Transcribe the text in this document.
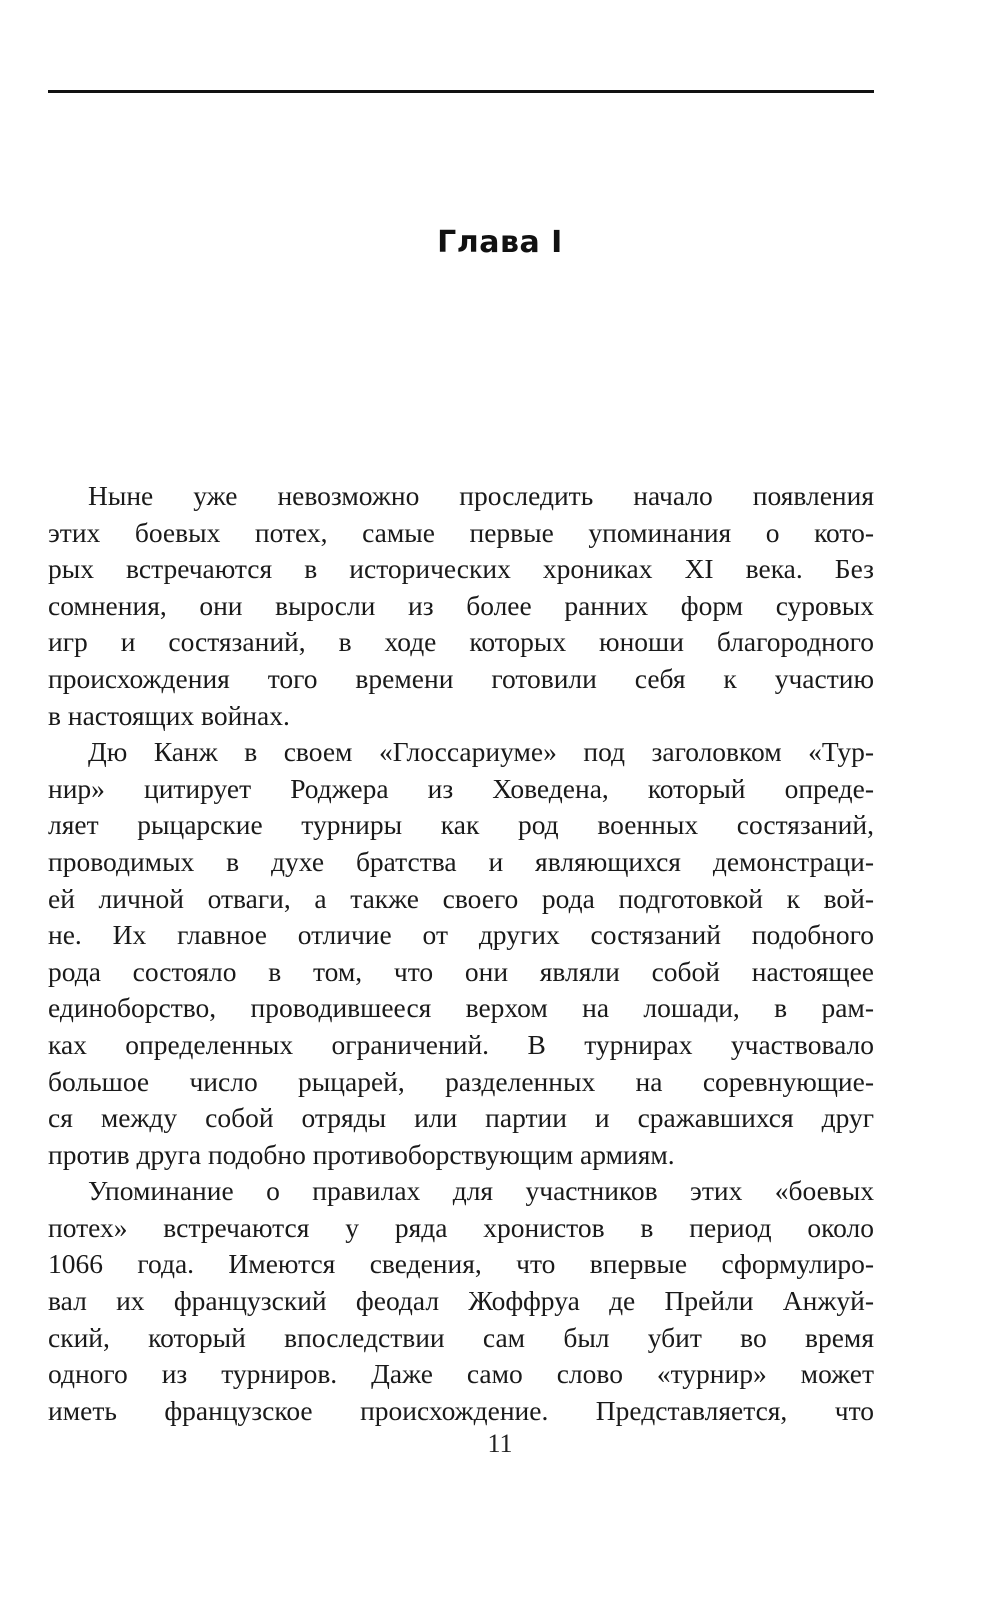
Глава I
Ныне уже невозможно проследить начало появления
этих боевых потех, самые первые упоминания о кото-
рых встречаются в исторических хрониках XI века. Без
сомнения, они выросли из более ранних форм суровых
игр и состязаний, в ходе которых юноши благородного
происхождения того времени готовили себя к участию
в настоящих войнах.
Дю Канж в своем «Глоссариуме» под заголовком «Тур-
нир» цитирует Роджера из Ховедена, который опреде-
ляет рыцарские турниры как род военных состязаний,
проводимых в духе братства и являющихся демонстраци-
ей личной отваги, а также своего рода подготовкой к вой-
не. Их главное отличие от других состязаний подобного
рода состояло в том, что они являли собой настоящее
единоборство, проводившееся верхом на лошади, в рам-
ках определенных ограничений. В турнирах участвовало
большое число рыцарей, разделенных на соревнующие-
ся между собой отряды или партии и сражавшихся друг
против друга подобно противоборствующим армиям.
Упоминание о правилах для участников этих «боевых
потех» встречаются у ряда хронистов в период около
1066 года. Имеются сведения, что впервые сформулиро-
вал их французский феодал Жоффруа де Прейли Анжуй-
ский, который впоследствии сам был убит во время
одного из турниров. Даже само слово «турнир» может
иметь французское происхождение. Представляется, что
11
